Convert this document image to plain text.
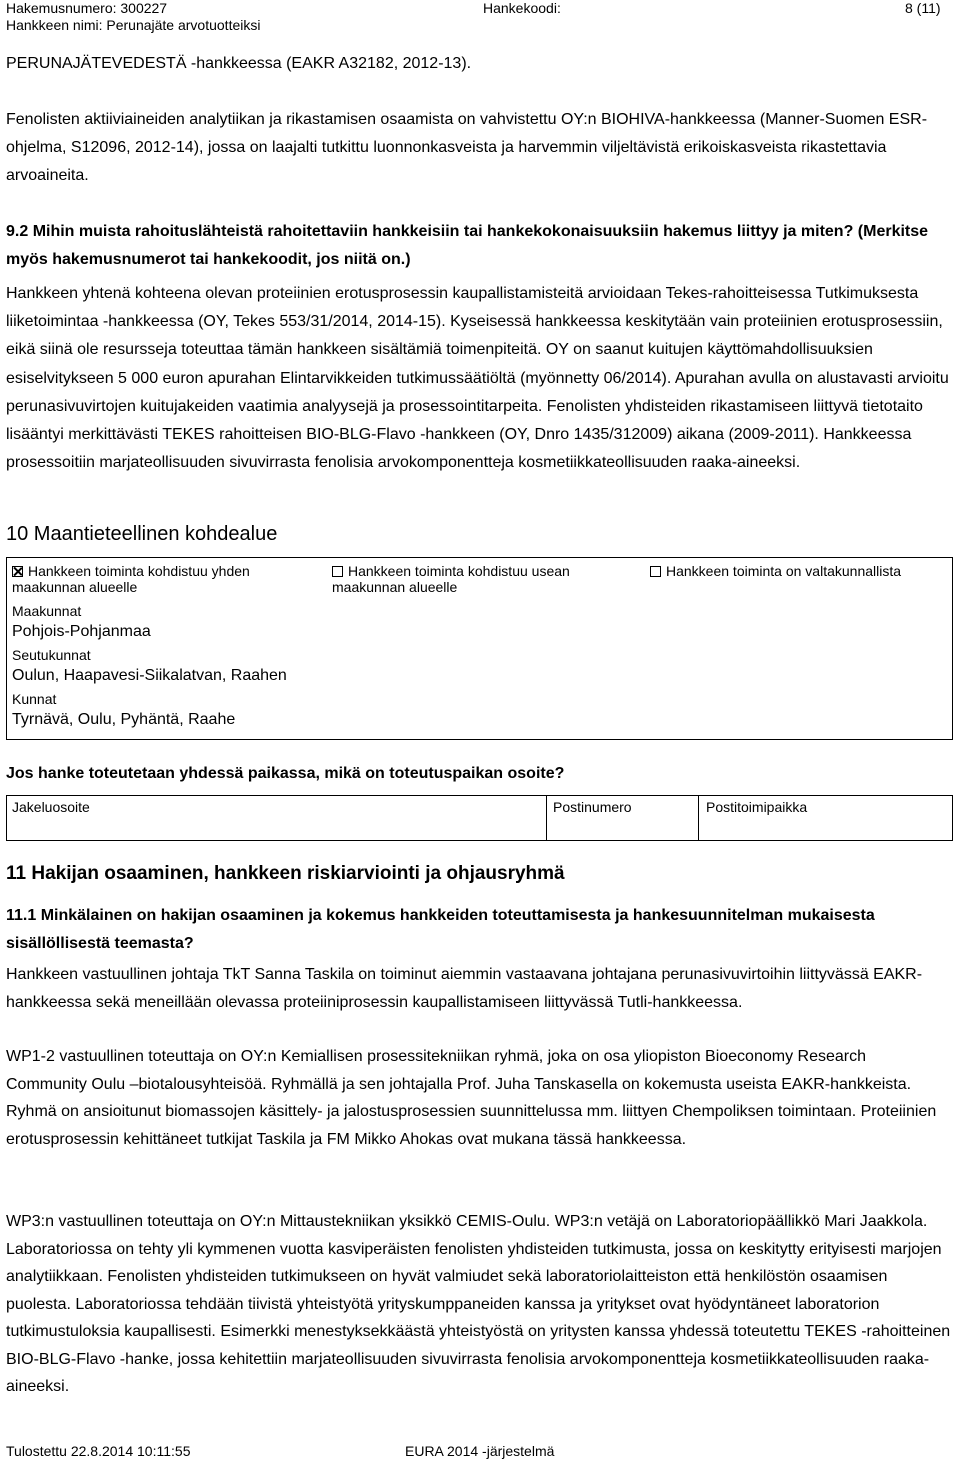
Hakemusnumero: 300227	Hankekoodi:	8 (11)
Hankkeen nimi: Perunajäte arvotuotteiksi

PERUNAJÄTEVEDESTÄ -hankkeessa (EAKR A32182, 2012-13).

Fenolisten aktiiviaineiden analytiikan ja rikastamisen osaamista on vahvistettu OY:n BIOHIVA-hankkeessa (Manner-Suomen ESR-ohjelma, S12096, 2012-14), jossa on laajalti tutkittu luonnonkasveista ja harvemmin viljeltävistä erikoiskasveista rikastettavia arvoaineita.

9.2 Mihin muista rahoituslähteistä rahoitettaviin hankkeisiin tai hankekokonaisuuksiin hakemus liittyy ja miten? (Merkitse myös hakemusnumerot tai hankekoodit, jos niitä on.)

Hankkeen yhtenä kohteena olevan proteiinien erotusprosessin kaupallistamisteitä arvioidaan Tekes-rahoitteisessa Tutkimuksesta liiketoimintaa -hankkeessa (OY, Tekes 553/31/2014, 2014-15). Kyseisessä hankkeessa keskitytään vain proteiinien erotusprosessiin, eikä siinä ole resursseja toteuttaa tämän hankkeen sisältämiä toimenpiteitä. OY on saanut kuitujen käyttömahdollisuuksien esiselvitykseen 5 000 euron apurahan Elintarvikkeiden tutkimussäätiöltä (myönnetty 06/2014). Apurahan avulla on alustavasti arvioitu perunasivuvirtojen kuitujakeiden vaatimia analyysejä ja prosessointitarpeita. Fenolisten yhdisteiden rikastamiseen liittyvä tietotaito lisääntyi merkittävästi TEKES rahoitteisen BIO-BLG-Flavo -hankkeen (OY, Dnro 1435/312009) aikana (2009-2011). Hankkeessa prosessoitiin marjateollisuuden sivuvirrasta fenolisia arvokomponentteja kosmetiikkateollisuuden raaka-aineeksi.

10 Maantieteellinen kohdealue
Hankkeen toiminta kohdistuu yhden maakunnan alueelle
Hankkeen toiminta kohdistuu usean maakunnan alueelle
Hankkeen toiminta on valtakunnallista
Maakunnat
Pohjois-Pohjanmaa
Seutukunnat
Oulun, Haapavesi-Siikalatvan, Raahen
Kunnat
Tyrnävä, Oulu, Pyhäntä, Raahe

Jos hanke toteutetaan yhdessä paikassa, mikä on toteutuspaikan osoite?

Jakeluosoite	Postinumero	Postitoimipaikka
11 Hakijan osaaminen, hankkeen riskiarviointi ja ohjausryhmä

11.1 Minkälainen on hakijan osaaminen ja kokemus hankkeiden toteuttamisesta ja hankesuunnitelman mukaisesta sisällöllisestä teemasta?

Hankkeen vastuullinen johtaja TkT Sanna Taskila on toiminut aiemmin vastaavana johtajana perunasivuvirtoihin liittyvässä EAKR-hankkeessa sekä meneillään olevassa proteiiniprosessin kaupallistamiseen liittyvässä Tutli-hankkeessa.

WP1-2 vastuullinen toteuttaja on OY:n Kemiallisen prosessitekniikan ryhmä, joka on osa yliopiston Bioeconomy Research Community Oulu –biotalousyhteisöä. Ryhmällä ja sen johtajalla Prof. Juha Tanskasella on kokemusta useista EAKR-hankkeista. Ryhmä on ansioitunut biomassojen käsittely- ja jalostusprosessien suunnittelussa mm. liittyen Chempoliksen toimintaan. Proteiinien erotusprosessin kehittäneet tutkijat Taskila ja FM Mikko Ahokas ovat mukana tässä hankkeessa.

WP3:n vastuullinen toteuttaja on OY:n Mittaustekniikan yksikkö CEMIS-Oulu. WP3:n vetäjä on Laboratoriopäällikkö Mari Jaakkola. Laboratoriossa on tehty yli kymmenen vuotta kasviperäisten fenolisten yhdisteiden tutkimusta, jossa on keskitytty erityisesti marjojen analytiikkaan. Fenolisten yhdisteiden tutkimukseen on hyvät valmiudet sekä laboratoriolaitteiston että henkilöstön osaamisen puolesta. Laboratoriossa tehdään tiivistä yhteistyötä yrityskumppaneiden kanssa ja yritykset ovat hyödyntäneet laboratorion tutkimustuloksia kaupallisesti. Esimerkki menestyksekkäästä yhteistyöstä on yritysten kanssa yhdessä toteutettu TEKES -rahoitteinen BIO-BLG-Flavo -hanke, jossa kehitettiin marjateollisuuden sivuvirrasta fenolisia arvokomponentteja kosmetiikkateollisuuden raaka-aineeksi.

Tulostettu 22.8.2014 10:11:55	EURA 2014 -järjestelmä
